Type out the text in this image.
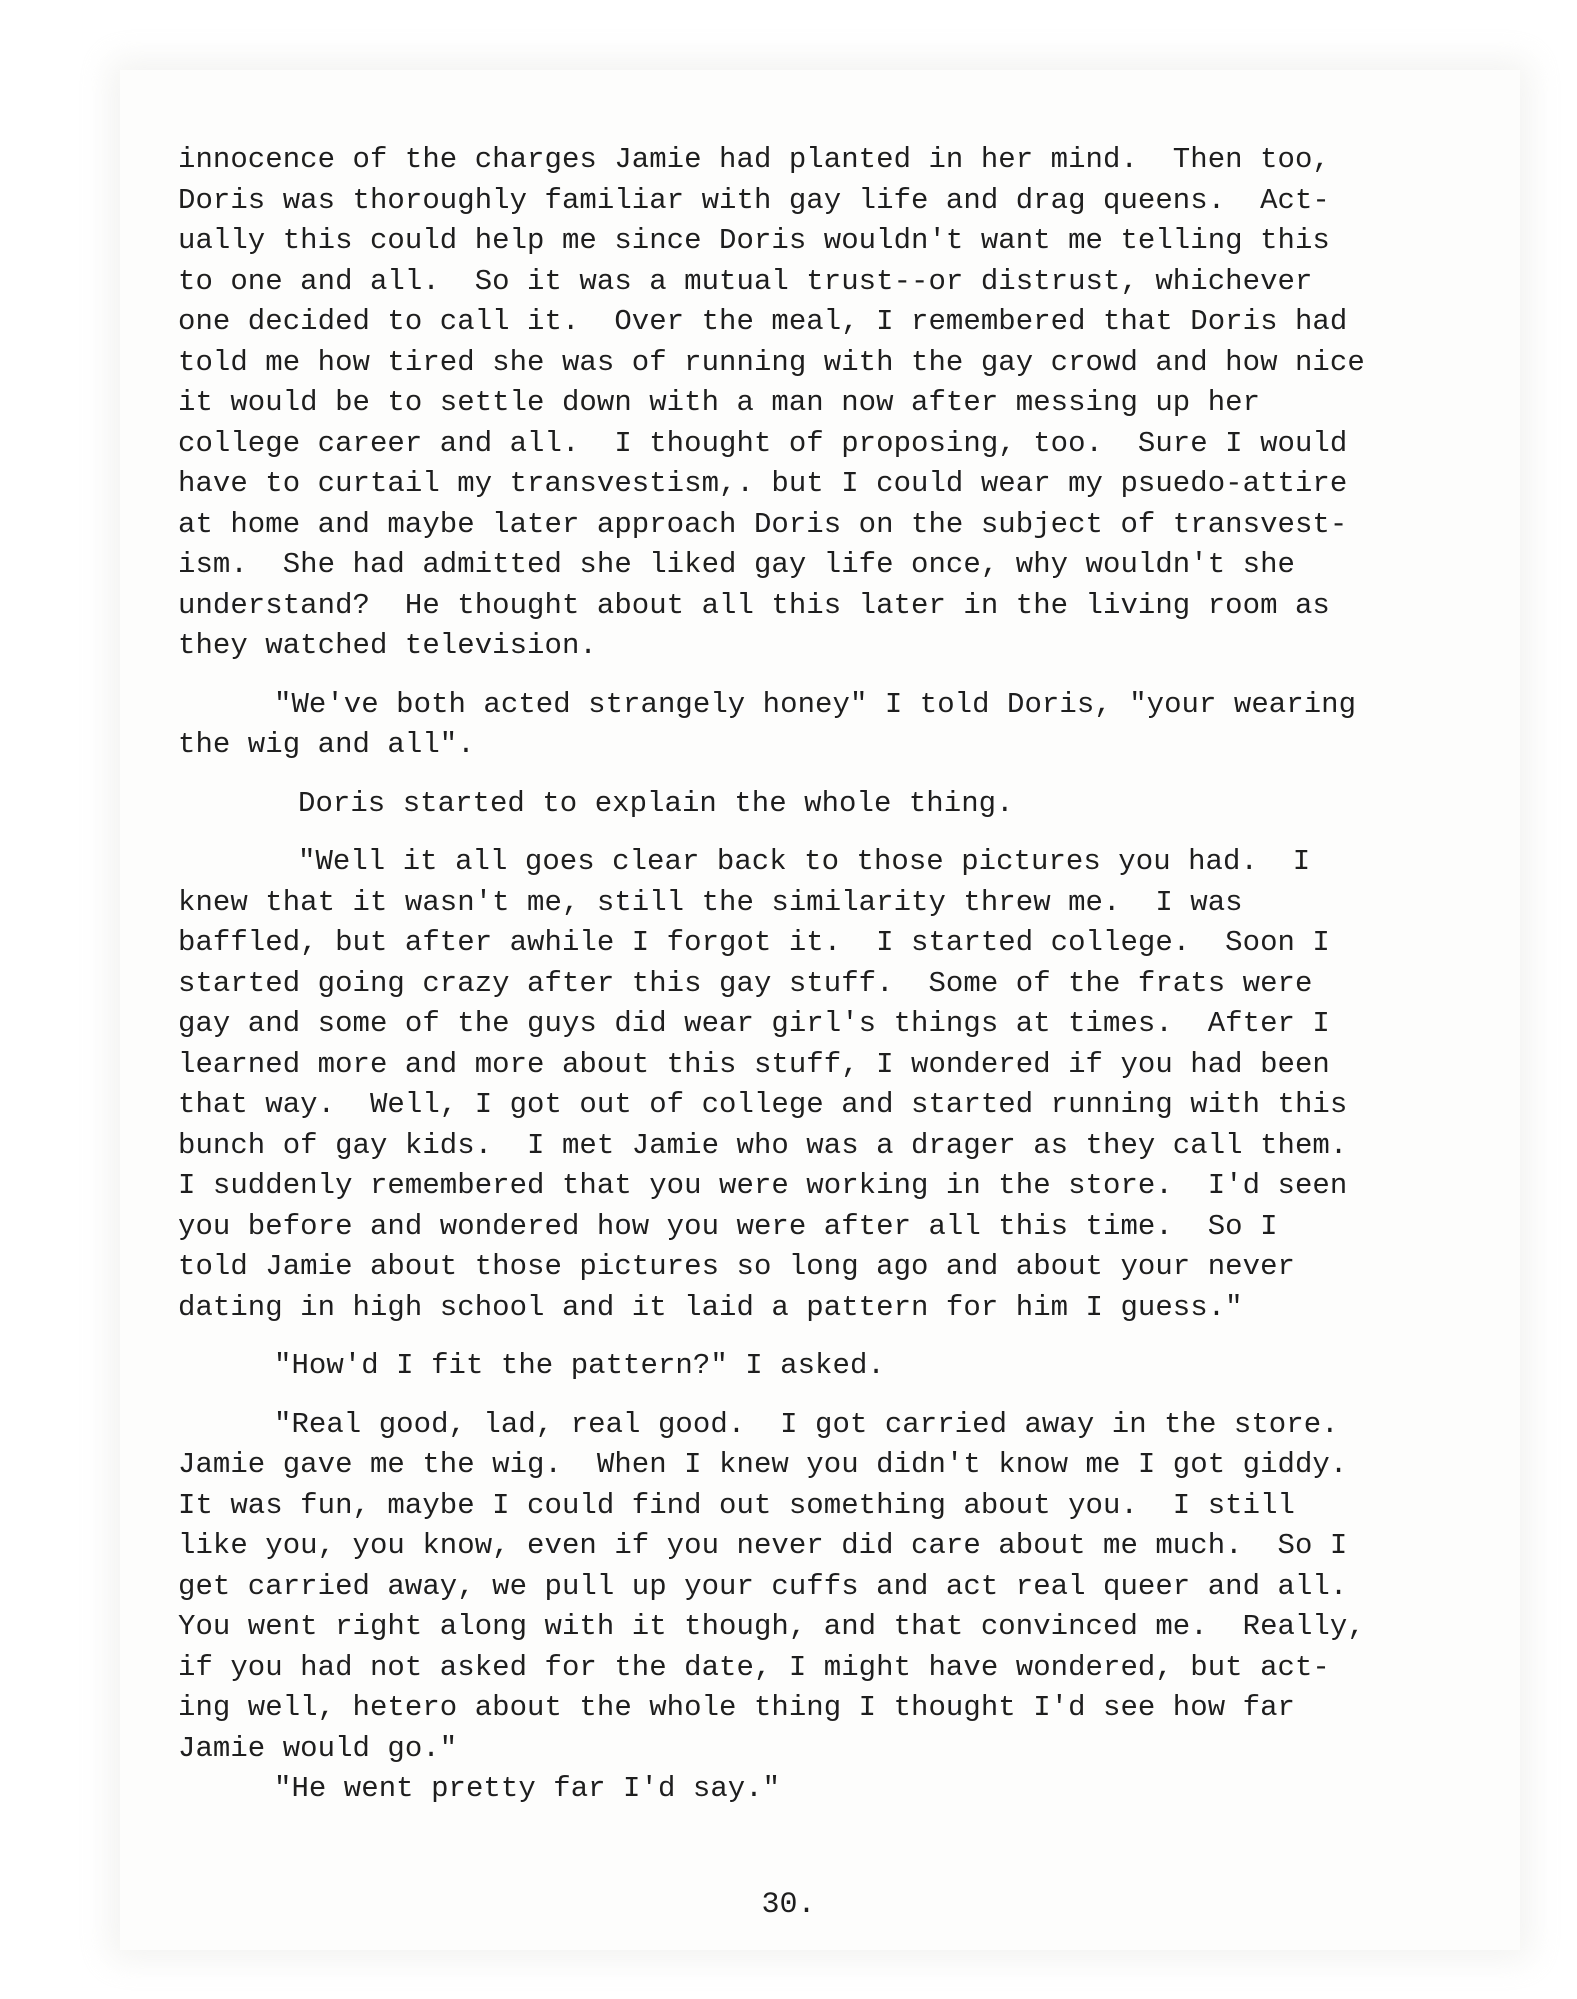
innocence of the charges Jamie had planted in her mind.  Then too,
Doris was thoroughly familiar with gay life and drag queens.  Act-
ually this could help me since Doris wouldn't want me telling this
to one and all.  So it was a mutual trust--or distrust, whichever
one decided to call it.  Over the meal, I remembered that Doris had
told me how tired she was of running with the gay crowd and how nice
it would be to settle down with a man now after messing up her
college career and all.  I thought of proposing, too.  Sure I would
have to curtail my transvestism,. but I could wear my psuedo-attire
at home and maybe later approach Doris on the subject of transvest-
ism.  She had admitted she liked gay life once, why wouldn't she
understand?  He thought about all this later in the living room as
they watched television.
"We've both acted strangely honey" I told Doris, "your wearing
the wig and all".
Doris started to explain the whole thing.
"Well it all goes clear back to those pictures you had.  I
knew that it wasn't me, still the similarity threw me.  I was
baffled, but after awhile I forgot it.  I started college.  Soon I
started going crazy after this gay stuff.  Some of the frats were
gay and some of the guys did wear girl's things at times.  After I
learned more and more about this stuff, I wondered if you had been
that way.  Well, I got out of college and started running with this
bunch of gay kids.  I met Jamie who was a drager as they call them.
I suddenly remembered that you were working in the store.  I'd seen
you before and wondered how you were after all this time.  So I
told Jamie about those pictures so long ago and about your never
dating in high school and it laid a pattern for him I guess."
"How'd I fit the pattern?" I asked.
"Real good, lad, real good.  I got carried away in the store.
Jamie gave me the wig.  When I knew you didn't know me I got giddy.
It was fun, maybe I could find out something about you.  I still
like you, you know, even if you never did care about me much.  So I
get carried away, we pull up your cuffs and act real queer and all.
You went right along with it though, and that convinced me.  Really,
if you had not asked for the date, I might have wondered, but act-
ing well, hetero about the whole thing I thought I'd see how far
Jamie would go."
"He went pretty far I'd say."
30.
